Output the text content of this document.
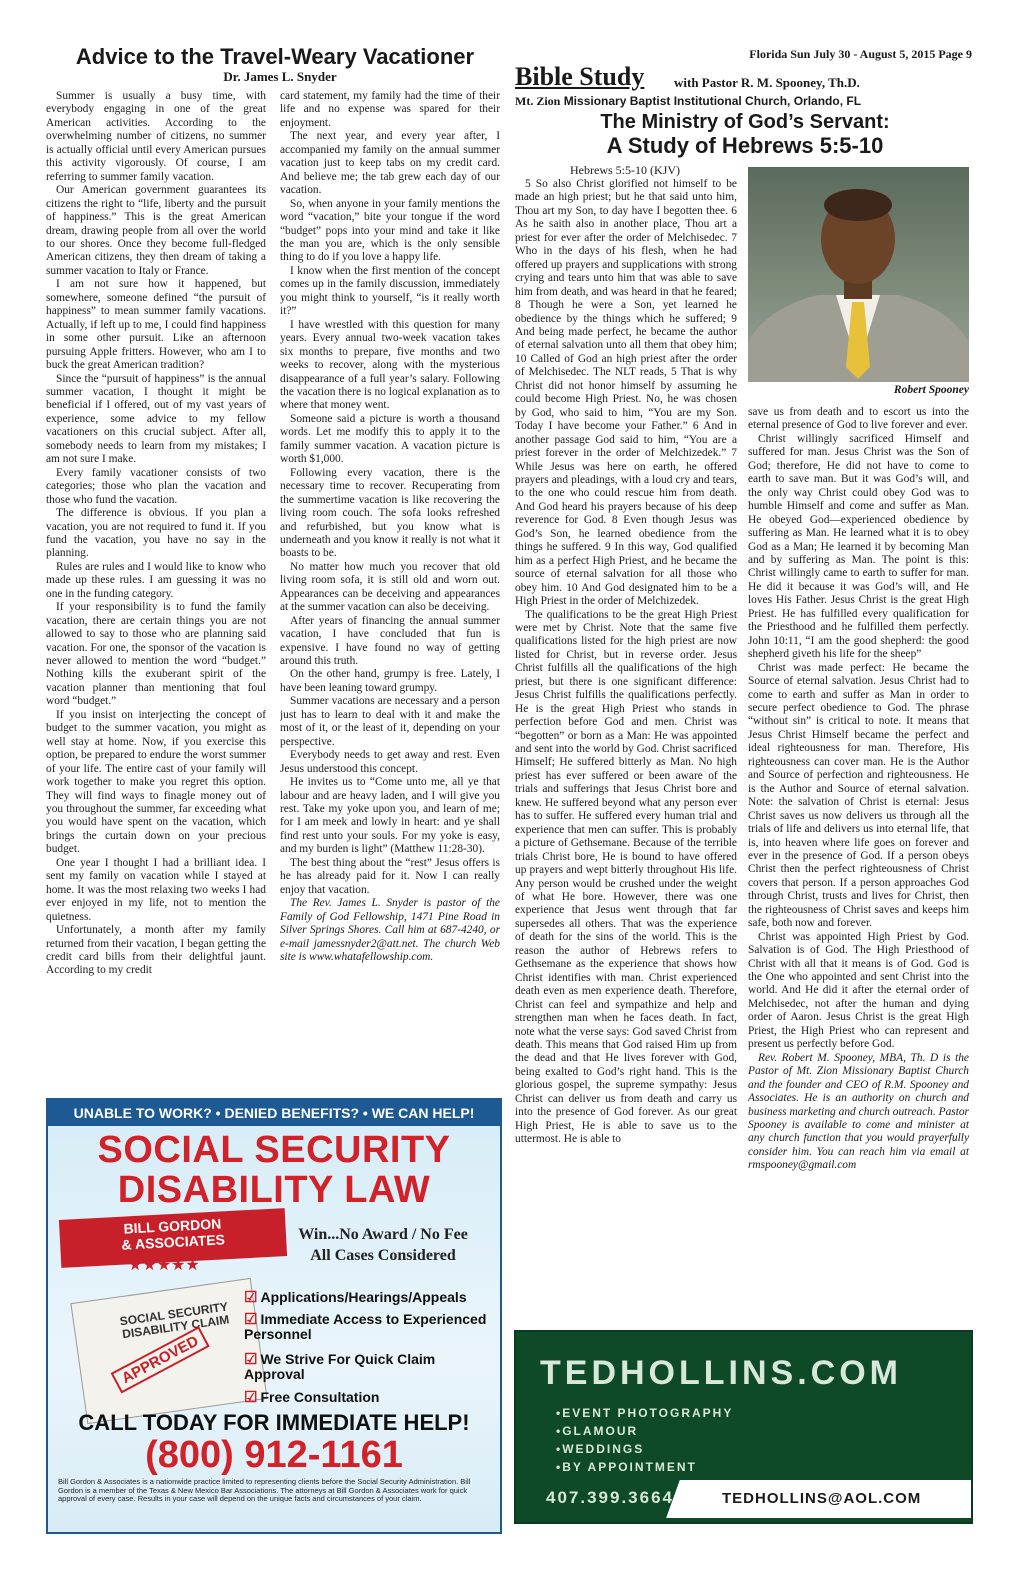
Advice to the Travel-Weary Vacationer
Dr. James L. Snyder
Florida Sun July 30 - August 5, 2015 Page 9

Summer is usually a busy time, with everybody engaging in one of the great American activities. According to the overwhelming number of citizens, no summer is actually official until every American pursues this activity vigorously. Of course, I am referring to summer family vacation.

Our American government guarantees its citizens the right to “life, liberty and the pursuit of happiness.” This is the great American dream, drawing people from all over the world to our shores. Once they become full-fledged American citizens, they then dream of taking a summer vacation to Italy or France.

I am not sure how it happened, but somewhere, someone defined “the pursuit of happiness” to mean summer family vacations. Actually, if left up to me, I could find happiness in some other pursuit. Like an afternoon pursuing Apple fritters. However, who am I to buck the great American tradition?

Since the “pursuit of happiness” is the annual summer vacation, I thought it might be beneficial if I offered, out of my vast years of experience, some advice to my fellow vacationers on this crucial subject. After all, somebody needs to learn from my mistakes; I am not sure I make.

Every family vacationer consists of two categories; those who plan the vacation and those who fund the vacation.

The difference is obvious. If you plan a vacation, you are not required to fund it. If you fund the vacation, you have no say in the planning.

Rules are rules and I would like to know who made up these rules. I am guessing it was no one in the funding category.

If your responsibility is to fund the family vacation, there are certain things you are not allowed to say to those who are planning said vacation. For one, the sponsor of the vacation is never allowed to mention the word “budget.” Nothing kills the exuberant spirit of the vacation planner than mentioning that foul word “budget.”

If you insist on interjecting the concept of budget to the summer vacation, you might as well stay at home. Now, if you exercise this option, be prepared to endure the worst summer of your life. The entire cast of your family will work together to make you regret this option. They will find ways to finagle money out of you throughout the summer, far exceeding what you would have spent on the vacation, which brings the curtain down on your precious budget.

One year I thought I had a brilliant idea. I sent my family on vacation while I stayed at home. It was the most relaxing two weeks I had ever enjoyed in my life, not to mention the quietness.

Unfortunately, a month after my family returned from their vacation, I began getting the credit card bills from their delightful jaunt. According to my credit

card statement, my family had the time of their life and no expense was spared for their enjoyment.

The next year, and every year after, I accompanied my family on the annual summer vacation just to keep tabs on my credit card. And believe me; the tab grew each day of our vacation.

So, when anyone in your family mentions the word “vacation,” bite your tongue if the word “budget” pops into your mind and take it like the man you are, which is the only sensible thing to do if you love a happy life.

I know when the first mention of the concept comes up in the family discussion, immediately you might think to yourself, “is it really worth it?”

I have wrestled with this question for many years. Every annual two-week vacation takes six months to prepare, five months and two weeks to recover, along with the mysterious disappearance of a full year’s salary. Following the vacation there is no logical explanation as to where that money went.

Someone said a picture is worth a thousand words. Let me modify this to apply it to the family summer vacation. A vacation picture is worth $1,000.

Following every vacation, there is the necessary time to recover. Recuperating from the summertime vacation is like recovering the living room couch. The sofa looks refreshed and refurbished, but you know what is underneath and you know it really is not what it boasts to be.

No matter how much you recover that old living room sofa, it is still old and worn out. Appearances can be deceiving and appearances at the summer vacation can also be deceiving.

After years of financing the annual summer vacation, I have concluded that fun is expensive. I have found no way of getting around this truth.

On the other hand, grumpy is free. Lately, I have been leaning toward grumpy.

Summer vacations are necessary and a person just has to learn to deal with it and make the most of it, or the least of it, depending on your perspective.

Everybody needs to get away and rest. Even Jesus understood this concept.

He invites us to “Come unto me, all ye that labour and are heavy laden, and I will give you rest. Take my yoke upon you, and learn of me; for I am meek and lowly in heart: and ye shall find rest unto your souls. For my yoke is easy, and my burden is light” (Matthew 11:28-30).

The best thing about the “rest” Jesus offers is he has already paid for it. Now I can really enjoy that vacation.

The Rev. James L. Snyder is pastor of the Family of God Fellowship, 1471 Pine Road in Silver Springs Shores. Call him at 687-4240, or e-mail jamessnyder2@att.net. The church Web site is www.whatafellowship.com.

Bible Study with Pastor R. M. Spooney, Th.D.
Mt. Zion Missionary Baptist Institutional Church, Orlando, FL
The Ministry of God’s Servant:
A Study of Hebrews 5:5-10
Hebrews 5:5-10 (KJV)
Robert Spooney

5 So also Christ glorified not himself to be made an high priest; but he that said unto him, Thou art my Son, to day have I begotten thee. 6 As he saith also in another place, Thou art a priest for ever after the order of Melchisedec. 7 Who in the days of his flesh, when he had offered up prayers and supplications with strong crying and tears unto him that was able to save him from death, and was heard in that he feared; 8 Though he were a Son, yet learned he obedience by the things which he suffered; 9 And being made perfect, he became the author of eternal salvation unto all them that obey him; 10 Called of God an high priest after the order of Melchisedec. The NLT reads, 5 That is why Christ did not honor himself by assuming he could become High Priest. No, he was chosen by God, who said to him, “You are my Son. Today I have become your Father.” 6 And in another passage God said to him, “You are a priest forever in the order of Melchizedek.” 7 While Jesus was here on earth, he offered prayers and pleadings, with a loud cry and tears, to the one who could rescue him from death. And God heard his prayers because of his deep reverence for God. 8 Even though Jesus was God’s Son, he learned obedience from the things he suffered. 9 In this way, God qualified him as a perfect High Priest, and he became the source of eternal salvation for all those who obey him. 10 And God designated him to be a High Priest in the order of Melchizedek.

The qualifications to be the great High Priest were met by Christ. Note that the same five qualifications listed for the high priest are now listed for Christ, but in reverse order. Jesus Christ fulfills all the qualifications of the high priest, but there is one significant difference: Jesus Christ fulfills the qualifications perfectly. He is the great High Priest who stands in perfection before God and men. Christ was “begotten” or born as a Man: He was appointed and sent into the world by God. Christ sacrificed Himself; He suffered bitterly as Man. No high priest has ever suffered or been aware of the trials and sufferings that Jesus Christ bore and knew. He suffered beyond what any person ever has to suffer. He suffered every human trial and experience that men can suffer. This is probably a picture of Gethsemane. Because of the terrible trials Christ bore, He is bound to have offered up prayers and wept bitterly throughout His life. Any person would be crushed under the weight of what He bore. However, there was one experience that Jesus went through that far supersedes all others. That was the experience of death for the sins of the world. This is the reason the author of Hebrews refers to Gethsemane as the experience that shows how Christ identifies with man. Christ experienced death even as men experience death. Therefore, Christ can feel and sympathize and help and strengthen man when he faces death. In fact, note what the verse says: God saved Christ from death. This means that God raised Him up from the dead and that He lives forever with God, being exalted to God’s right hand. This is the glorious gospel, the supreme sympathy: Jesus Christ can deliver us from death and carry us into the presence of God forever. As our great High Priest, He is able to save us to the uttermost. He is able to

save us from death and to escort us into the eternal presence of God to live forever and ever.

Christ willingly sacrificed Himself and suffered for man. Jesus Christ was the Son of God; therefore, He did not have to come to earth to save man. But it was God’s will, and the only way Christ could obey God was to humble Himself and come and suffer as Man. He obeyed God—experienced obedience by suffering as Man. He learned what it is to obey God as a Man; He learned it by becoming Man and by suffering as Man. The point is this: Christ willingly came to earth to suffer for man. He did it because it was God’s will, and He loves His Father. Jesus Christ is the great High Priest. He has fulfilled every qualification for the Priesthood and he fulfilled them perfectly. John 10:11, “I am the good shepherd: the good shepherd giveth his life for the sheep”

Christ was made perfect: He became the Source of eternal salvation. Jesus Christ had to come to earth and suffer as Man in order to secure perfect obedience to God. The phrase “without sin” is critical to note. It means that Jesus Christ Himself became the perfect and ideal righteousness for man. Therefore, His righteousness can cover man. He is the Author and Source of perfection and righteousness. He is the Author and Source of eternal salvation. Note: the salvation of Christ is eternal: Jesus Christ saves us now delivers us through all the trials of life and delivers us into eternal life, that is, into heaven where life goes on forever and ever in the presence of God. If a person obeys Christ then the perfect righteousness of Christ covers that person. If a person approaches God through Christ, trusts and lives for Christ, then the righteousness of Christ saves and keeps him safe, both now and forever.

Christ was appointed High Priest by God. Salvation is of God. The High Priesthood of Christ with all that it means is of God. God is the One who appointed and sent Christ into the world. And He did it after the eternal order of Melchisedec, not after the human and dying order of Aaron. Jesus Christ is the great High Priest, the High Priest who can represent and present us perfectly before God.

Rev. Robert M. Spooney, MBA, Th. D is the Pastor of Mt. Zion Missionary Baptist Church and the founder and CEO of R.M. Spooney and Associates. He is an authority on church and business marketing and church outreach. Pastor Spooney is available to come and minister at any church function that you would prayerfully consider him. You can reach him via email at rmspooney@gmail.com

UNABLE TO WORK? • DENIED BENEFITS? • WE CAN HELP!
SOCIAL SECURITY
DISABILITY LAW
BILL GORDON
& ASSOCIATES
★★★★★
Win...No Award / No Fee
All Cases Considered
SOCIAL SECURITY DISABILITY CLAIM
APPROVED
☑ Applications/Hearings/Appeals
☑ Immediate Access to Experienced Personnel
☑ We Strive For Quick Claim Approval
☑ Free Consultation
CALL TODAY FOR IMMEDIATE HELP!
(800) 912-1161
Bill Gordon & Associates is a nationwide practice limited to representing clients before the Social Security Administration. Bill Gordon is a member of the Texas & New Mexico Bar Associations. The attorneys at Bill Gordon & Associates work for quick approval of every case. Results in your case will depend on the unique facts and circumstances of your claim.
TEDHOLLINS.COM
•EVENT PHOTOGRAPHY
•GLAMOUR
•WEDDINGS
•BY APPOINTMENT
407.399.3664	TEDHOLLINS@AOL.COM
